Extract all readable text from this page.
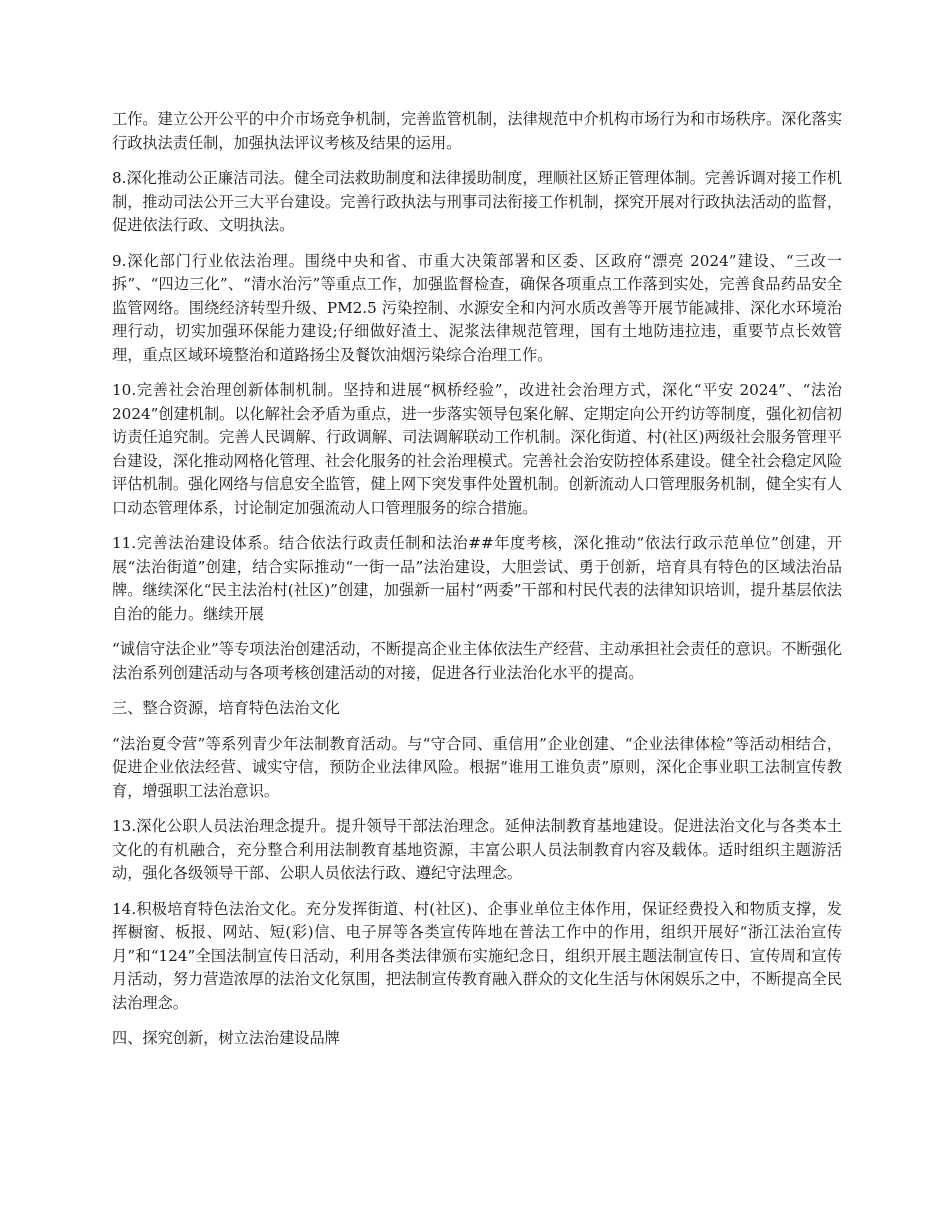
工作。建立公开公平的中介市场竞争机制，完善监管机制，法律规范中介机构市场行为和市场秩序。深化落实行政执法责任制，加强执法评议考核及结果的运用。

8.深化推动公正廉洁司法。健全司法救助制度和法律援助制度，理顺社区矫正管理体制。完善诉调对接工作机制，推动司法公开三大平台建设。完善行政执法与刑事司法衔接工作机制，探究开展对行政执法活动的监督，促进依法行政、文明执法。

9.深化部门行业依法治理。围绕中央和省、市重大决策部署和区委、区政府“漂亮 2024”建设、“三改一拆”、“四边三化”、“清水治污”等重点工作，加强监督检查，确保各项重点工作落到实处，完善食品药品安全监管网络。围绕经济转型升级、PM2.5 污染控制、水源安全和内河水质改善等开展节能减排、深化水环境治理行动，切实加强环保能力建设;仔细做好渣土、泥浆法律规范管理，国有土地防违拉违，重要节点长效管理，重点区域环境整治和道路扬尘及餐饮油烟污染综合治理工作。

10.完善社会治理创新体制机制。坚持和进展“枫桥经验”，改进社会治理方式，深化“平安 2024”、“法治 2024”创建机制。以化解社会矛盾为重点，进一步落实领导包案化解、定期定向公开约访等制度，强化初信初访责任追究制。完善人民调解、行政调解、司法调解联动工作机制。深化街道、村(社区)两级社会服务管理平台建设，深化推动网格化管理、社会化服务的社会治理模式。完善社会治安防控体系建设。健全社会稳定风险评估机制。强化网络与信息安全监管，健上网下突发事件处置机制。创新流动人口管理服务机制，健全实有人口动态管理体系，讨论制定加强流动人口管理服务的综合措施。

11.完善法治建设体系。结合依法行政责任制和法治##年度考核，深化推动“依法行政示范单位”创建，开展“法治街道”创建，结合实际推动“一街一品”法治建设，大胆尝试、勇于创新，培育具有特色的区域法治品牌。继续深化“民主法治村(社区)”创建，加强新一届村“两委”干部和村民代表的法律知识培训，提升基层依法自治的能力。继续开展

“诚信守法企业”等专项法治创建活动，不断提高企业主体依法生产经营、主动承担社会责任的意识。不断强化法治系列创建活动与各项考核创建活动的对接，促进各行业法治化水平的提高。

三、整合资源，培育特色法治文化

“法治夏令营”等系列青少年法制教育活动。与“守合同、重信用”企业创建、“企业法律体检”等活动相结合，促进企业依法经营、诚实守信，预防企业法律风险。根据“谁用工谁负责”原则，深化企事业职工法制宣传教育，增强职工法治意识。

13.深化公职人员法治理念提升。提升领导干部法治理念。延伸法制教育基地建设。促进法治文化与各类本土文化的有机融合，充分整合利用法制教育基地资源，丰富公职人员法制教育内容及载体。适时组织主题游活动，强化各级领导干部、公职人员依法行政、遵纪守法理念。

14.积极培育特色法治文化。充分发挥街道、村(社区)、企事业单位主体作用，保证经费投入和物质支撑，发挥橱窗、板报、网站、短(彩)信、电子屏等各类宣传阵地在普法工作中的作用，组织开展好“浙江法治宣传月”和“124”全国法制宣传日活动，利用各类法律颁布实施纪念日，组织开展主题法制宣传日、宣传周和宣传月活动，努力营造浓厚的法治文化氛围，把法制宣传教育融入群众的文化生活与休闲娱乐之中，不断提高全民法治理念。

四、探究创新，树立法治建设品牌
